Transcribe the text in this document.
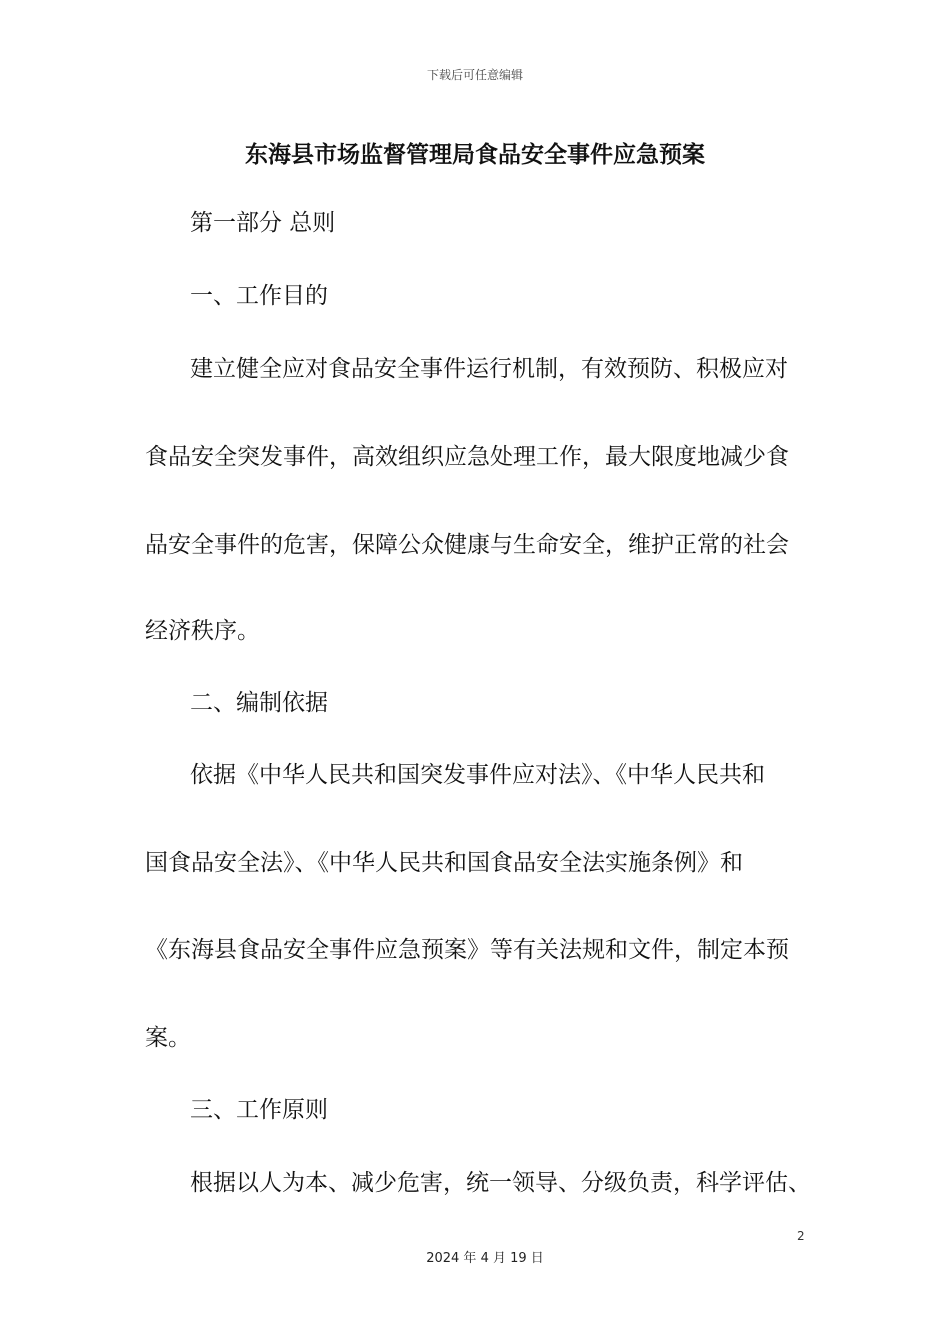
下载后可任意编辑
东海县市场监督管理局食品安全事件应急预案
第一部分 总则
一、工作目的
建立健全应对食品安全事件运行机制，有效预防、积极应对
食品安全突发事件，高效组织应急处理工作，最大限度地减少食
品安全事件的危害，保障公众健康与生命安全，维护正常的社会
经济秩序。
二、编制依据
依据《中华人民共和国突发事件应对法》、《中华人民共和
国食品安全法》、《中华人民共和国食品安全法实施条例》和
《东海县食品安全事件应急预案》等有关法规和文件，制定本预
案。
三、工作原则
根据以人为本、减少危害，统一领导、分级负责，科学评估、
2
2024 年 4 月 19 日
